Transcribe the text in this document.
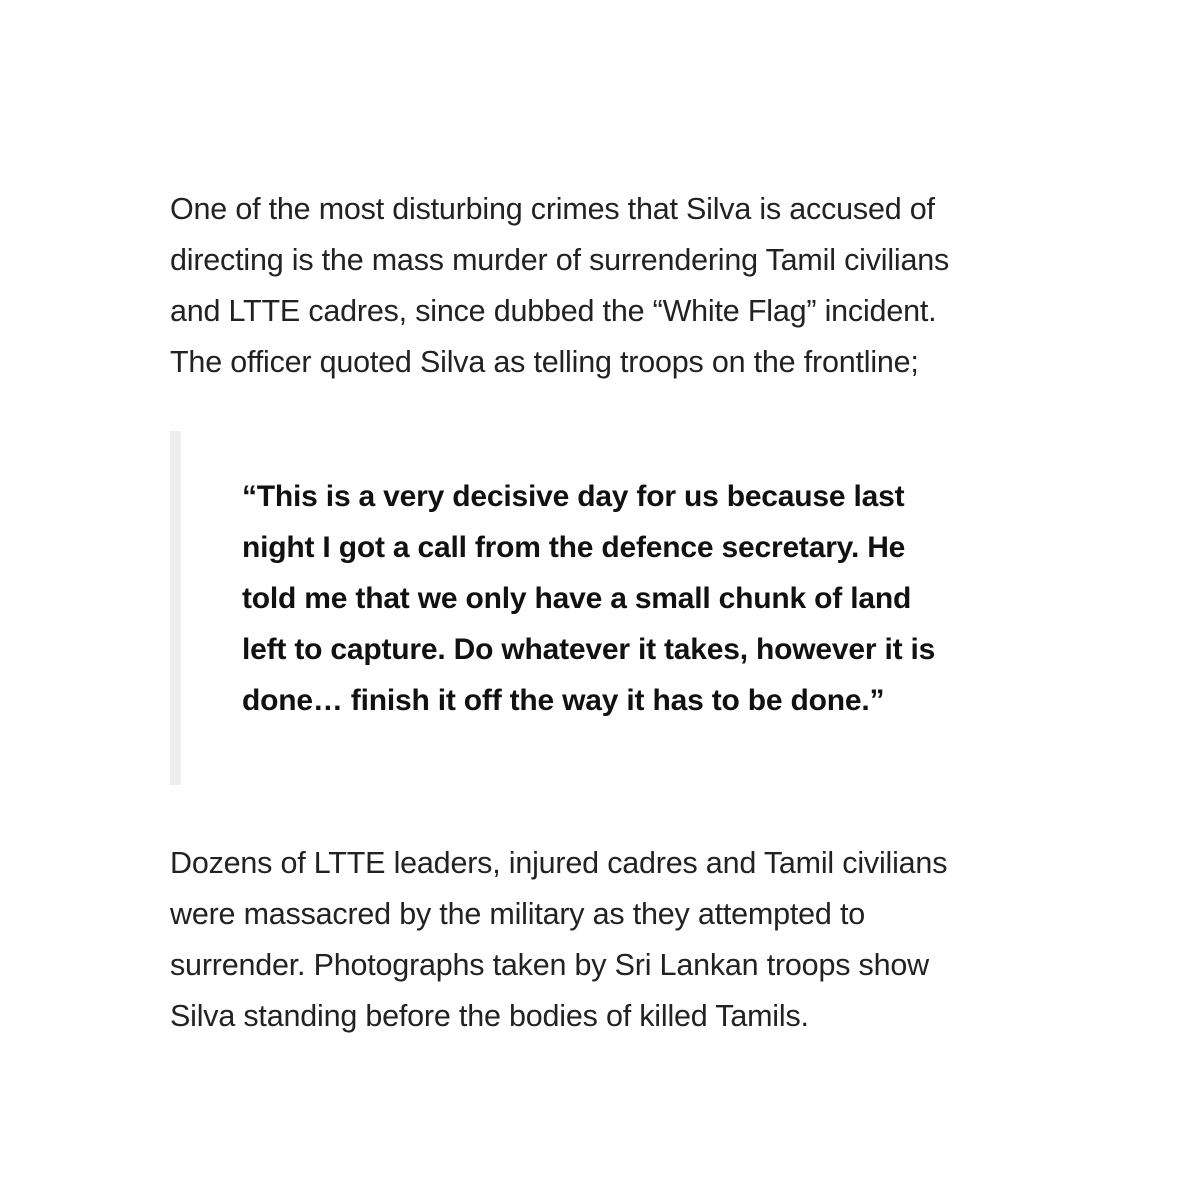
One of the most disturbing crimes that Silva is accused of
directing is the mass murder of surrendering Tamil civilians
and LTTE cadres, since dubbed the “White Flag” incident.
The officer quoted Silva as telling troops on the frontline;

“This is a very decisive day for us because last
night I got a call from the defence secretary. He
told me that we only have a small chunk of land
left to capture. Do whatever it takes, however it is
done… finish it off the way it has to be done.”

Dozens of LTTE leaders, injured cadres and Tamil civilians
were massacred by the military as they attempted to
surrender. Photographs taken by Sri Lankan troops show
Silva standing before the bodies of killed Tamils.
